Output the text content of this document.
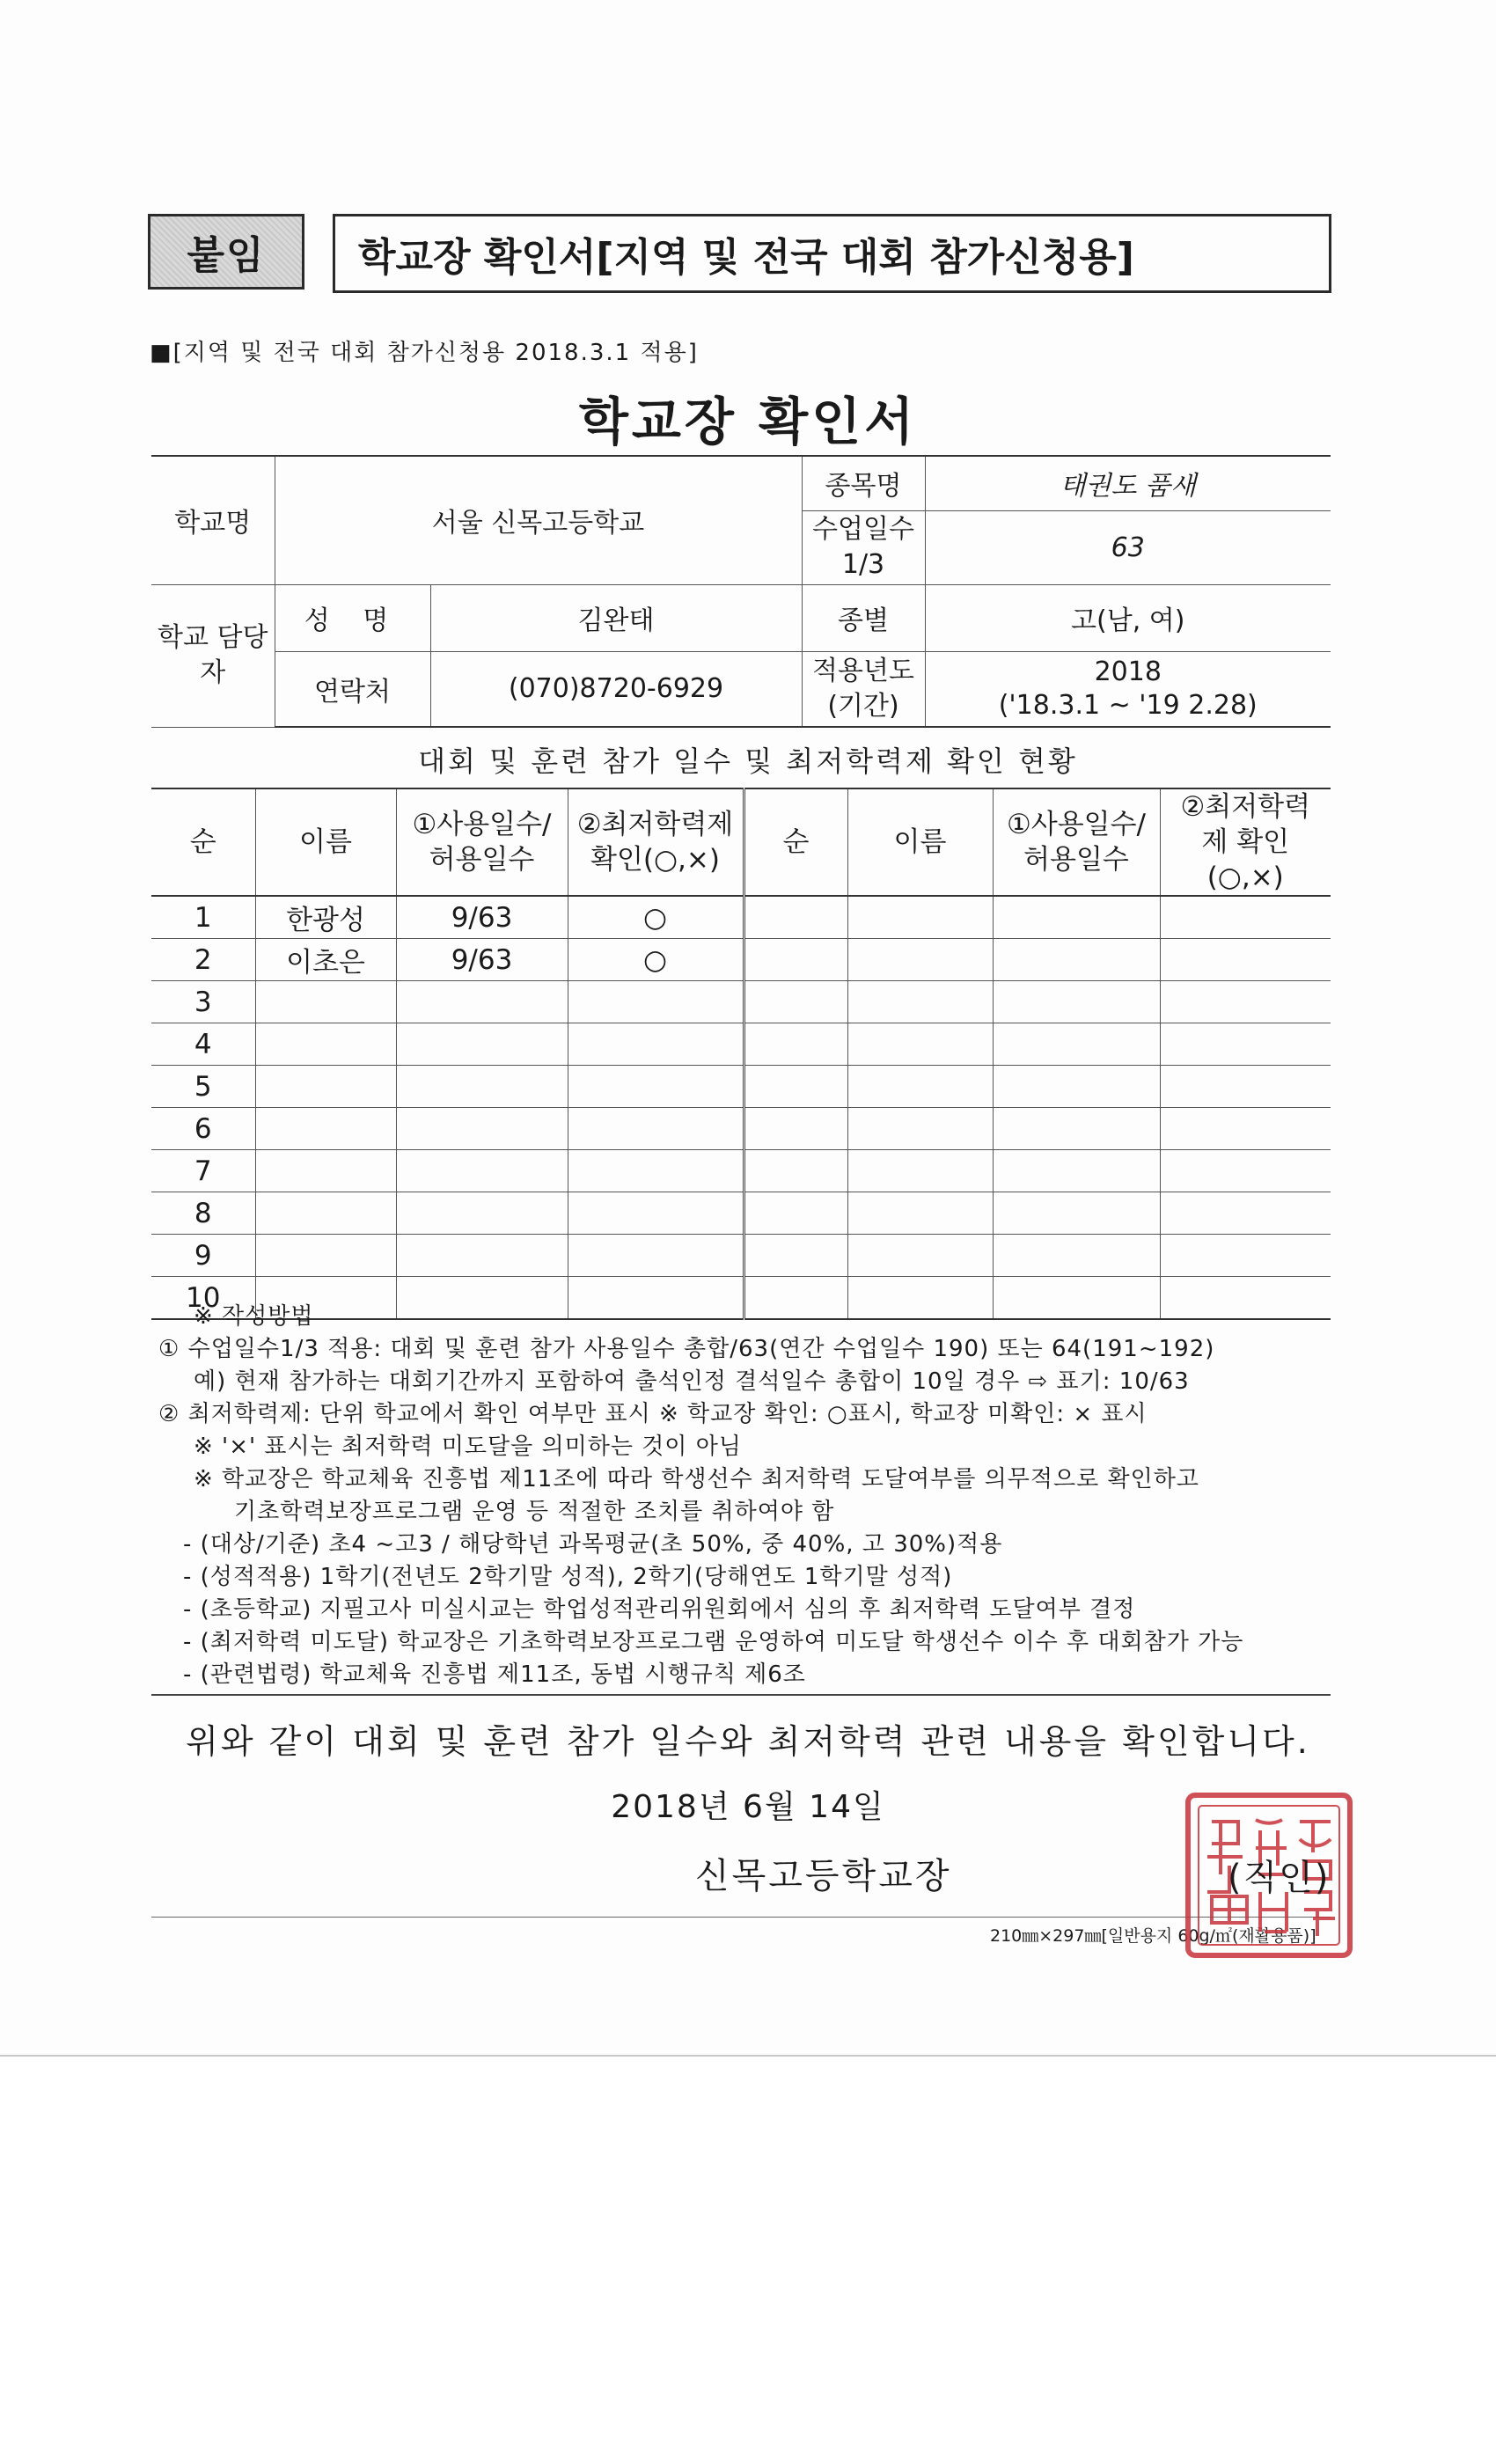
붙임	학교장 확인서[지역 및 전국 대회 참가신청용]
■[지역 및 전국 대회 참가신청용 2018.3.1 적용]
학교장 확인서
학교명	서울 신목고등학교		종목명	태권도 품새
			수업일수 1/3	63
학교 담당자	성 명	김완태	종별	고(남, 여)
	연락처	(070)8720-6929	적용년도 (기간)	2018
('18.3.1 ~ '19 2.28)
대회 및 훈련 참가 일수 및 최저학력제 확인 현황
순	이름	①사용일수/허용일수	②최저학력제 확인(○,×)	순	이름	①사용일수/허용일수	②최저학력제 확인(○,×)
1	한광성	9/63	○				
2	이초은	9/63	○				
3							
4							
5							
6							
7							
8							
9							
10							
※ 작성방법
① 수업일수1/3 적용: 대회 및 훈련 참가 사용일수 총합/63(연간 수업일수 190) 또는 64(191~192)
예) 현재 참가하는 대회기간까지 포함하여 출석인정 결석일수 총합이 10일 경우 ⇨ 표기: 10/63
② 최저학력제: 단위 학교에서 확인 여부만 표시 ※ 학교장 확인: ○표시, 학교장 미확인: × 표시
※ '×' 표시는 최저학력 미도달을 의미하는 것이 아님
※ 학교장은 학교체육 진흥법 제11조에 따라 학생선수 최저학력 도달여부를 의무적으로 확인하고
기초학력보장프로그램 운영 등 적절한 조치를 취하여야 함
- (대상/기준) 초4 ~고3 / 해당학년 과목평균(초 50%, 중 40%, 고 30%)적용
- (성적적용) 1학기(전년도 2학기말 성적), 2학기(당해연도 1학기말 성적)
- (초등학교) 지필고사 미실시교는 학업성적관리위원회에서 심의 후 최저학력 도달여부 결정
- (최저학력 미도달) 학교장은 기초학력보장프로그램 운영하여 미도달 학생선수 이수 후 대회참가 가능
- (관련법령) 학교체육 진흥법 제11조, 동법 시행규칙 제6조
위와 같이 대회 및 훈련 참가 일수와 최저학력 관련 내용을 확인합니다.
2018년 6월 14일
신목고등학교장	(직인)
210㎜×297㎜[일반용지 60g/㎡(재활용품)]
